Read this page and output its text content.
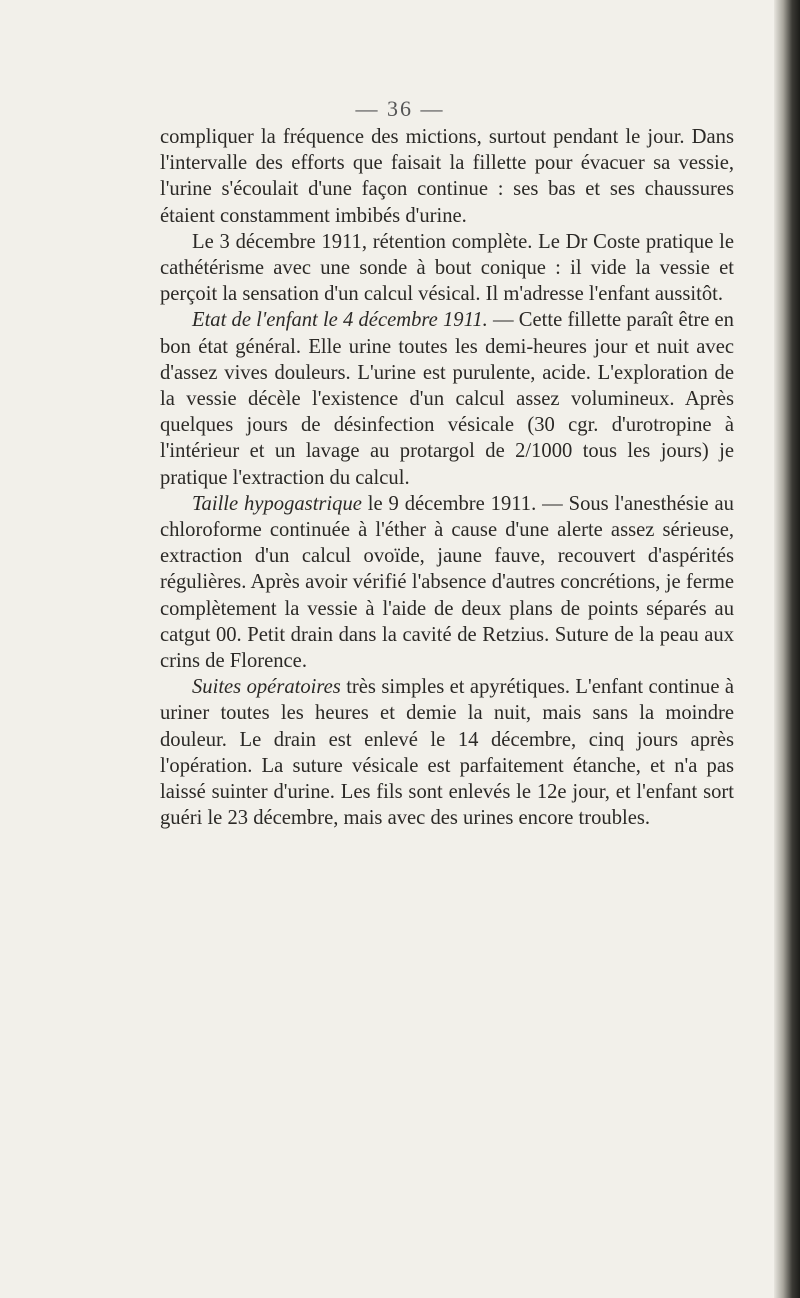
— 36 —

compliquer la fréquence des mictions, surtout pendant le jour. Dans l'intervalle des efforts que faisait la fillette pour évacuer sa vessie, l'urine s'écoulait d'une façon continue : ses bas et ses chaussures étaient constamment imbibés d'urine.

Le 3 décembre 1911, rétention complète. Le Dr Coste pratique le cathétérisme avec une sonde à bout conique : il vide la vessie et perçoit la sensation d'un calcul vésical. Il m'adresse l'enfant aussitôt.

Etat de l'enfant le 4 décembre 1911. — Cette fillette paraît être en bon état général. Elle urine toutes les demi-heures jour et nuit avec d'assez vives douleurs. L'urine est purulente, acide. L'exploration de la vessie décèle l'existence d'un calcul assez volumineux. Après quelques jours de désinfection vésicale (30 cgr. d'urotropine à l'intérieur et un lavage au protargol de 2/1000 tous les jours) je pratique l'extraction du calcul.

Taille hypogastrique le 9 décembre 1911. — Sous l'anesthésie au chloroforme continuée à l'éther à cause d'une alerte assez sérieuse, extraction d'un calcul ovoïde, jaune fauve, recouvert d'aspérités régulières. Après avoir vérifié l'absence d'autres concrétions, je ferme complètement la vessie à l'aide de deux plans de points séparés au catgut 00. Petit drain dans la cavité de Retzius. Suture de la peau aux crins de Florence.

Suites opératoires très simples et apyrétiques. L'enfant continue à uriner toutes les heures et demie la nuit, mais sans la moindre douleur. Le drain est enlevé le 14 décembre, cinq jours après l'opération. La suture vésicale est parfaitement étanche, et n'a pas laissé suinter d'urine. Les fils sont enlevés le 12e jour, et l'enfant sort guéri le 23 décembre, mais avec des urines encore troubles.
